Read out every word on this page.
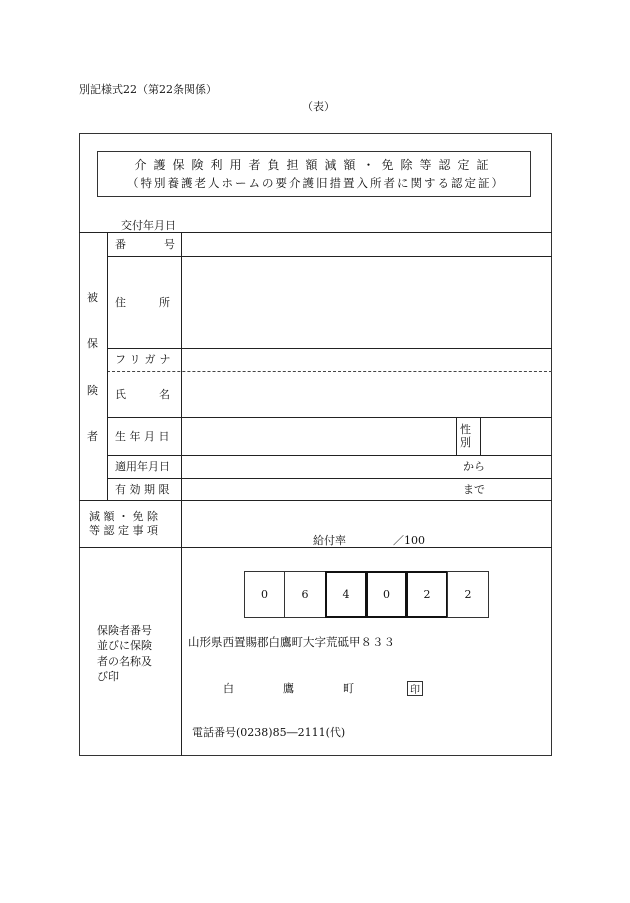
別記様式22（第22条関係）
（表）
介護保険利用者負担額減額・免除等認定証
（特別養護老人ホームの要介護旧措置入所者に関する認定証）
交付年月日
被
保
険
者
番　　　号
住　　　所
フリガナ
氏　　　名
生 年 月 日
性
別
適用年月日	から
有 効 期 限	まで
減 額 ・ 免 除
等 認 定 事 項
給付率	／100
保険者番号
並びに保険
者の名称及
び印
0	6	4	0	2	2
山形県西置賜郡白鷹町大字荒砥甲８３３
白	鷹	町	印
電話番号(0238)85―2111(代)
